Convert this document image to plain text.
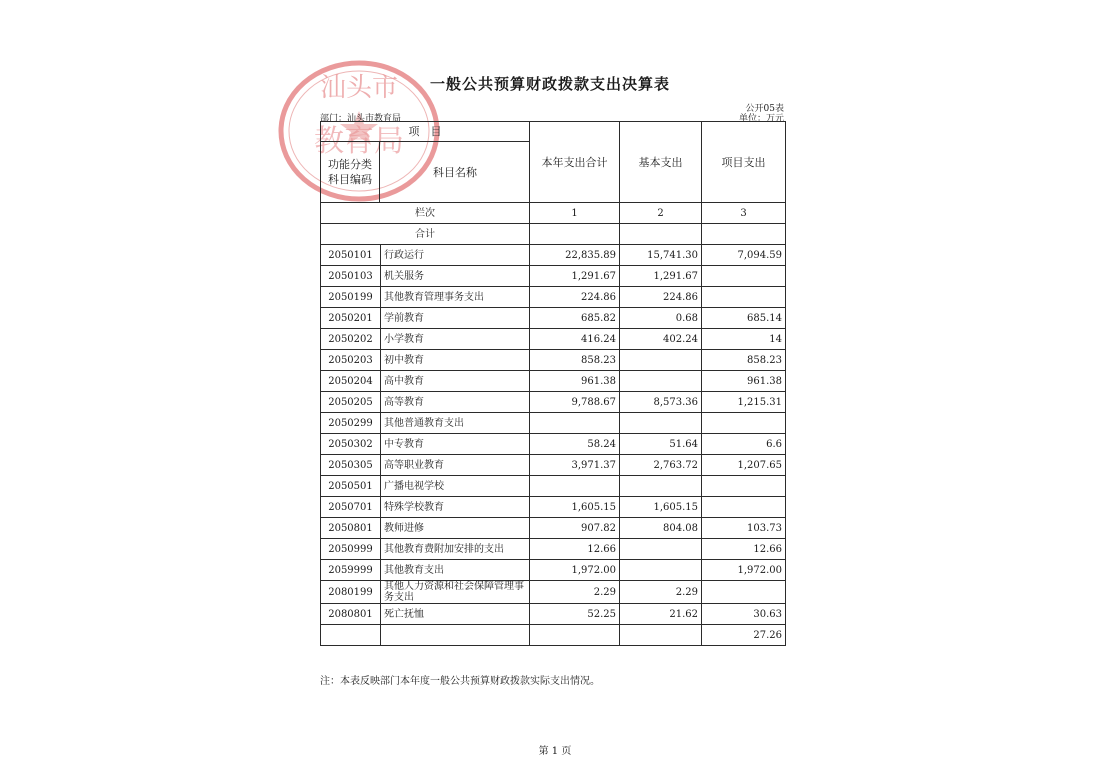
汕头市
教育局
一般公共预算财政拨款支出决算表
公开05表
单位：万元
部门：汕头市教育局
项　目
功能分类科目编码
科目名称		本年支出合计	基本支出	项目支出
栏次		1	2	3
合计				
2050101	行政运行	22,835.89	15,741.30	7,094.59
2050103	机关服务	1,291.67	1,291.67	
2050199	其他教育管理事务支出	224.86	224.86	
2050201	学前教育	685.82	0.68	685.14
2050202	小学教育	416.24	402.24	14
2050203	初中教育	858.23		858.23
2050204	高中教育	961.38		961.38
2050205	高等教育	9,788.67	8,573.36	1,215.31
2050299	其他普通教育支出			
2050302	中专教育	58.24	51.64	6.6
2050305	高等职业教育	3,971.37	2,763.72	1,207.65
2050501	广播电视学校			
2050701	特殊学校教育	1,605.15	1,605.15	
2050801	教师进修	907.82	804.08	103.73
2050999	其他教育费附加安排的支出	12.66		12.66
2059999	其他教育支出	1,972.00		1,972.00
2080199	其他人力资源和社会保障管理事务支出	2.29	2.29	
2080801	死亡抚恤	52.25	21.62	30.63
				27.26
注：本表反映部门本年度一般公共预算财政拨款实际支出情况。
第 1 页
